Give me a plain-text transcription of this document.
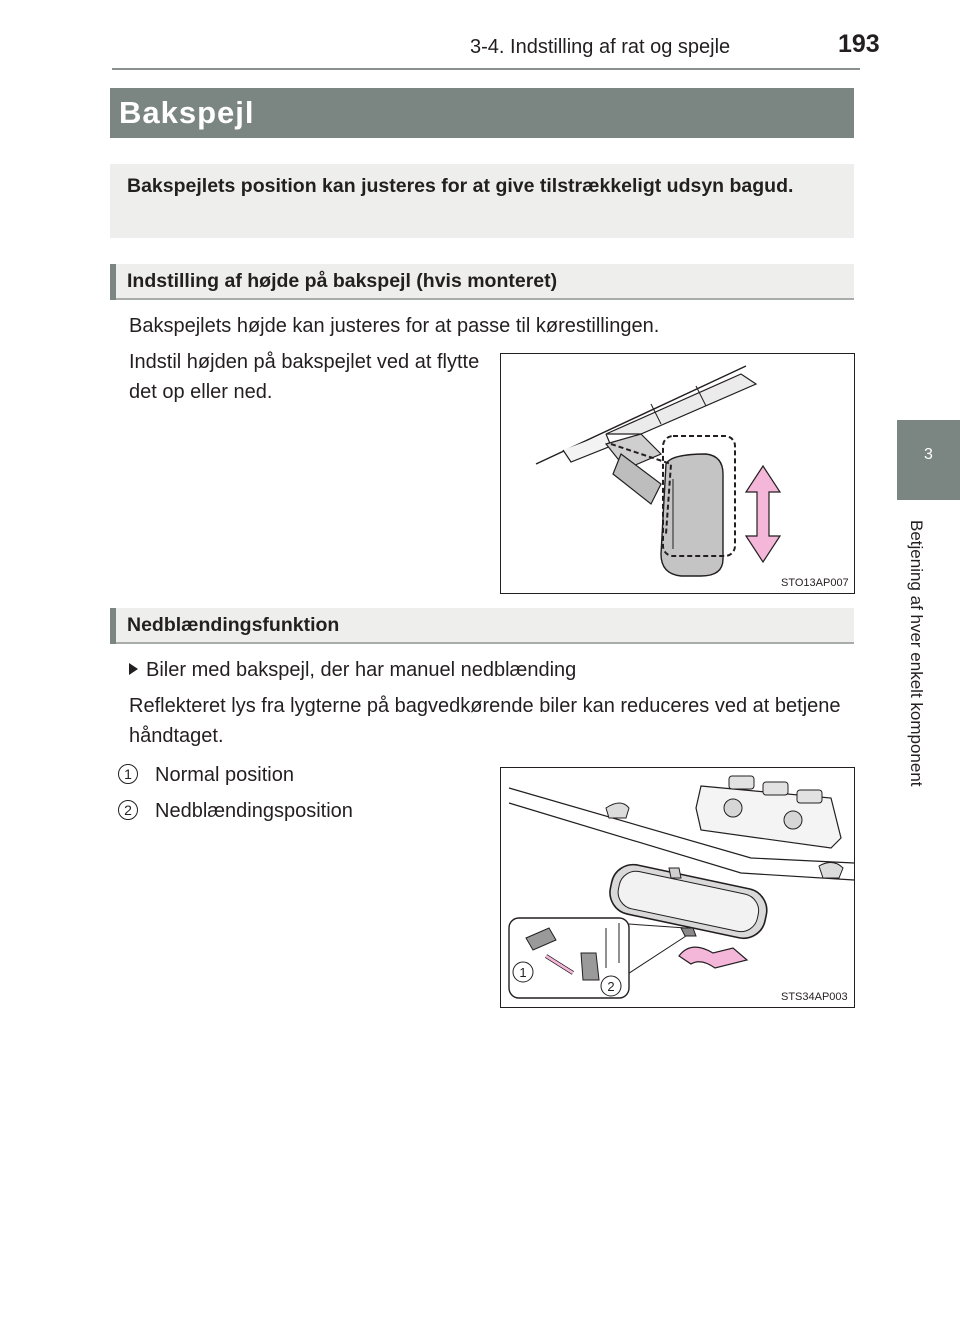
3-4. Indstilling af rat og spejle	193
3
Betjening af hver enkelt komponent
Bakspejl
Bakspejlets position kan justeres for at give tilstrækkeligt udsyn bagud.
Indstilling af højde på bakspejl (hvis monteret)
Bakspejlets højde kan justeres for at passe til kørestillingen.
Indstil højden på bakspejlet ved at flytte det op eller ned.
STO13AP007
Nedblændingsfunktion
Biler med bakspejl, der har manuel nedblænding
Reflekteret lys fra lygterne på bagvedkørende biler kan reduceres ved at betjene håndtaget.
1	Normal position
2	Nedblændingsposition
1
2
STS34AP003
